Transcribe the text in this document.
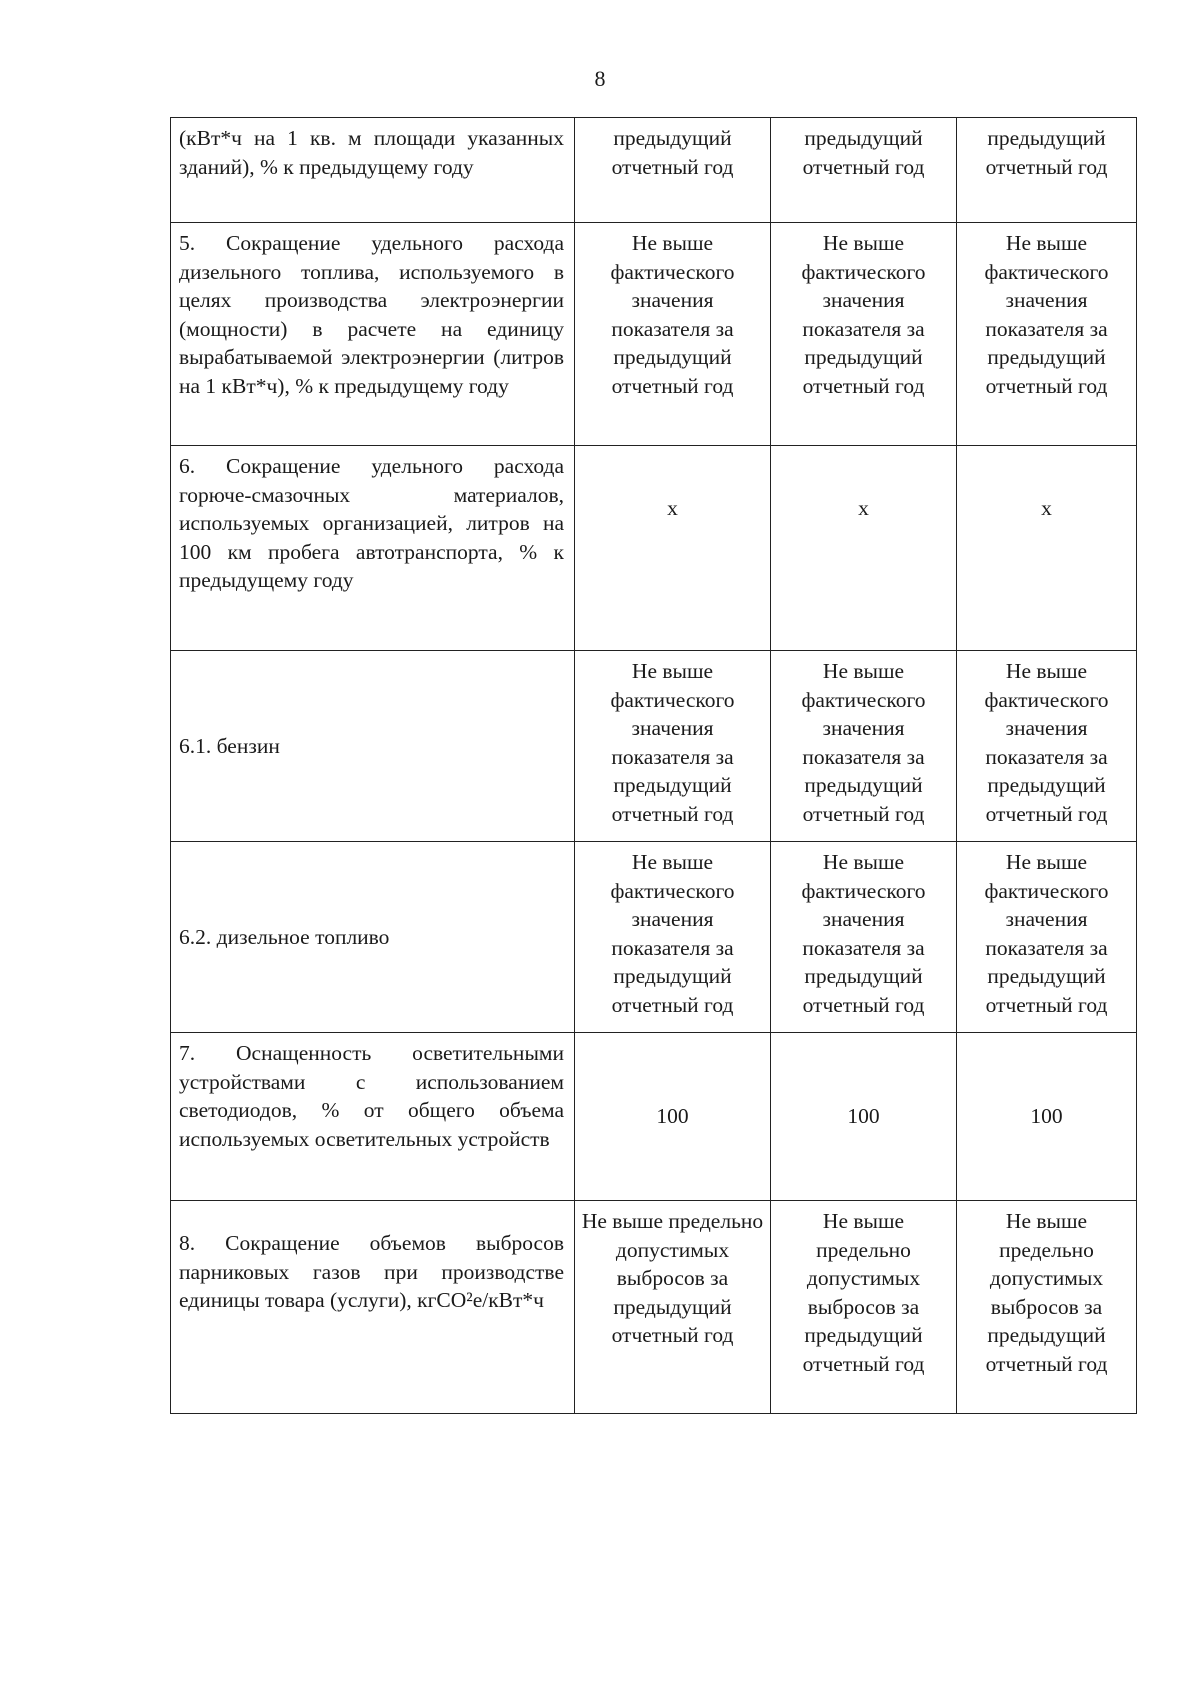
8
(кВт*ч на 1 кв. м площади указанных зданий), % к предыдущему году	предыдущий отчетный год	предыдущий отчетный год	предыдущий отчетный год

5. Сокращение удельного расхода дизельного топлива, используемого в целях производства электроэнергии (мощности) в расчете на единицу вырабатываемой электроэнергии (литров на 1 кВт*ч), % к предыдущему году	Не выше фактического значения показателя за предыдущий отчетный год	Не выше фактического значения показателя за предыдущий отчетный год	Не выше фактического значения показателя за предыдущий отчетный год

6. Сокращение удельного расхода горюче-смазочных материалов, используемых организацией, литров на 100 км пробега автотранспорта, % к предыдущему году	х	х	х

6.1. бензин	Не выше фактического значения показателя за предыдущий отчетный год	Не выше фактического значения показателя за предыдущий отчетный год	Не выше фактического значения показателя за предыдущий отчетный год

6.2. дизельное топливо	Не выше фактического значения показателя за предыдущий отчетный год	Не выше фактического значения показателя за предыдущий отчетный год	Не выше фактического значения показателя за предыдущий отчетный год

7. Оснащенность осветительными устройствами с использованием светодиодов, % от общего объема используемых осветительных устройств	100	100	100

8. Сокращение объемов выбросов парниковых газов при производстве единицы товара (услуги), кгCO²е/кВт*ч	Не выше предельно допустимых выбросов за предыдущий отчетный год	Не выше предельно допустимых выбросов за предыдущий отчетный год	Не выше предельно допустимых выбросов за предыдущий отчетный год
